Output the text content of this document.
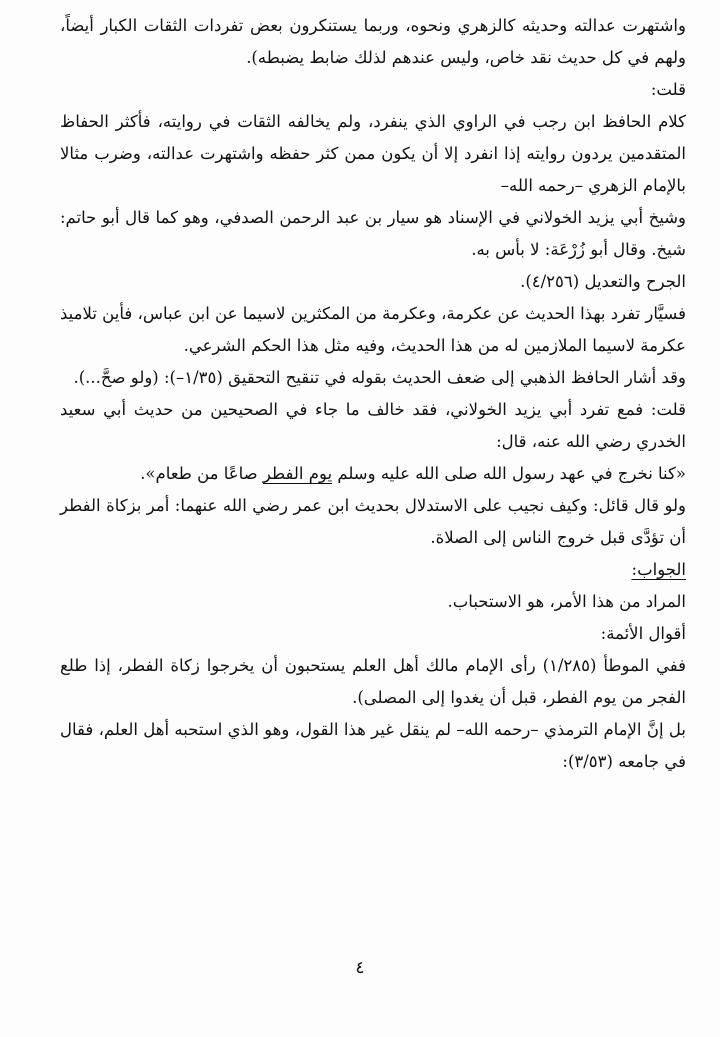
واشتهرت عدالته وحديثه كالزهري ونحوه، وربما يستنكرون بعض تفردات الثقات الكبار أيضاً، ولهم في كل حديث نقد خاص، وليس عندهم لذلك ضابط يضبطه).

قلت:

كلام الحافظ ابن رجب في الراوي الذي ينفرد، ولم يخالفه الثقات في روايته، فأكثر الحفاظ المتقدمين يردون روايته إذا انفرد إلا أن يكون ممن كثر حفظه واشتهرت عدالته، وضرب مثالا بالإمام الزهري –رحمه الله–

وشيخ أبي يزيد الخولاني في الإسناد هو سيار بن عبد الرحمن الصدفي، وهو كما قال أبو حاتم: شيخ. وقال أبو زُرْعَة: لا بأس به.

الجرح والتعديل (٤/٢٥٦).

فسيَّار تفرد بهذا الحديث عن عكرمة، وعكرمة من المكثرين لاسيما عن ابن عباس، فأين تلاميذ عكرمة لاسيما الملازمين له من هذا الحديث، وفيه مثل هذا الحكم الشرعي.

وقد أشار الحافظ الذهبي إلى ضعف الحديث بقوله في تنقيح التحقيق (١/٣٥–): (ولو صحَّ...).

قلت: فمع تفرد أبي يزيد الخولاني، فقد خالف ما جاء في الصحيحين من حديث أبي سعيد الخدري رضي الله عنه، قال:

«كنا نخرج في عهد رسول الله صلى الله عليه وسلم يوم الفطر صاعًا من طعام».

ولو قال قائل: وكيف نجيب على الاستدلال بحديث ابن عمر رضي الله عنهما: أمر بزكاة الفطر أن تؤدَّى قبل خروج الناس إلى الصلاة.

الجواب:

المراد من هذا الأمر، هو الاستحباب.

أقوال الأئمة:

ففي الموطأ (١/٢٨٥) رأى الإمام مالك أهل العلم يستحبون أن يخرجوا زكاة الفطر، إذا طلع الفجر من يوم الفطر، قبل أن يغدوا إلى المصلى).

بل إنَّ الإمام الترمذي –رحمه الله– لم ينقل غير هذا القول، وهو الذي استحبه أهل العلم، فقال في جامعه (٣/٥٣):

٤
